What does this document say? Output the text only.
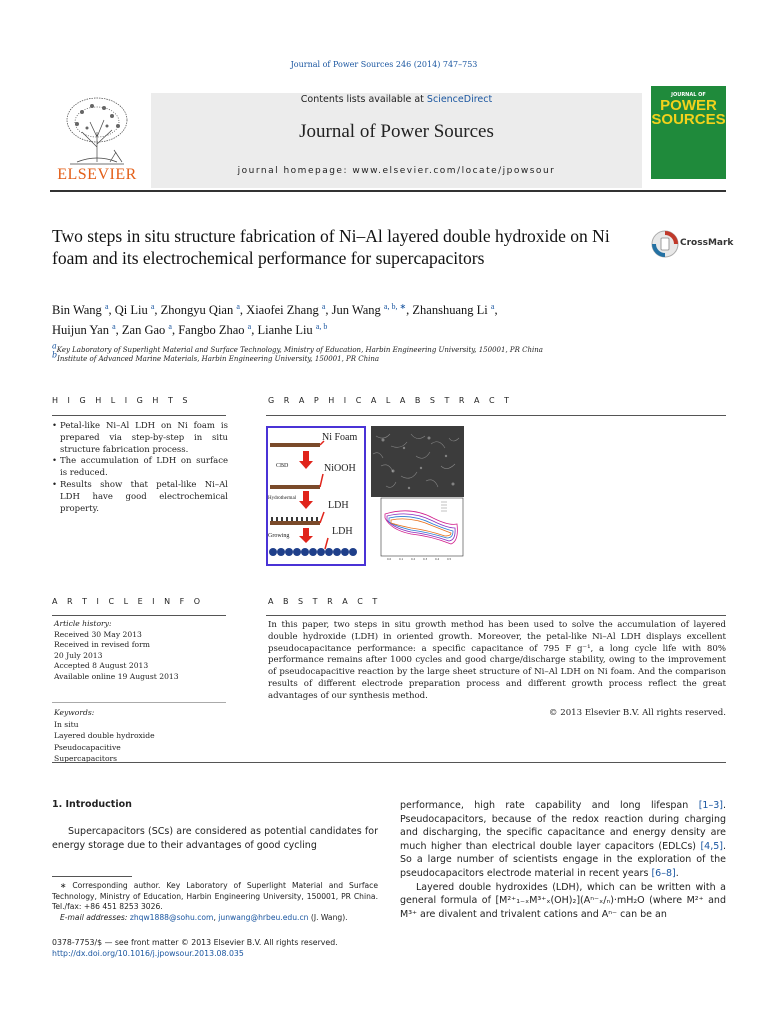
Journal of Power Sources 246 (2014) 747–753
Contents lists available at ScienceDirect
Journal of Power Sources
journal homepage: www.elsevier.com/locate/jpowsour
ELSEVIER
JOURNAL OF
POWER
SOURCES
Two steps in situ structure fabrication of Ni–Al layered double hydroxide on Ni foam and its electrochemical performance for supercapacitors
CrossMark
Bin Wang $^a$, Qi Liu $^a$, Zhongyu Qian $^a$, Xiaofei Zhang $^a$, Jun Wang $^{a, b, ∗}$, Zhanshuang Li $^a$,
Huijun Yan $^a$, Zan Gao $^a$, Fangbo Zhao $^a$, Lianhe Liu $^{a, b}$
$^a$Key Laboratory of Superlight Material and Surface Technology, Ministry of Education, Harbin Engineering University, 150001, PR China
$^b$Institute of Advanced Marine Materials, Harbin Engineering University, 150001, PR China
H I G H L I G H T S	G R A P H I C A L A B S T R A C T
• Petal-like Ni–Al LDH on Ni foam is prepared via step-by-step in situ structure fabrication process.
• The accumulation of LDH on surface is reduced.
• Results show that petal-like Ni–Al LDH have good electrochemical property.
Ni Foam
CBD	NiOOH
Hydrothermal
LDH
Growing	LDH
0.0	0.1	0.2	0.3	0.4	0.5
A R T I C L E I N F O	A B S T R A C T
Article history:
Received 30 May 2013
Received in revised form
20 July 2013
Accepted 8 August 2013
Available online 19 August 2013
Keywords:
In situ
Layered double hydroxide
Pseudocapacitive
Supercapacitors
In this paper, two steps in situ growth method has been used to solve the accumulation of layered double hydroxide (LDH) in oriented growth. Moreover, the petal-like Ni–Al LDH displays excellent pseudocapacitance performance: a specific capacitance of 795 F g⁻¹, a long cycle life with 80% performance remains after 1000 cycles and good charge/discharge stability, owing to the improvement of pseudocapacitive reaction by the large sheet structure of Ni–Al LDH on Ni foam. And the comparison results of different electrode preparation process and different growth process reflect the great advantages of our synthesis method.
© 2013 Elsevier B.V. All rights reserved.
1. Introduction
Supercapacitors (SCs) are considered as potential candidates for energy storage due to their advantages of good cycling
∗ Corresponding author. Key Laboratory of Superlight Material and Surface Technology, Ministry of Education, Harbin Engineering University, 150001, PR China. Tel./fax: +86 451 8253 3026.
E-mail addresses: zhqw1888@sohu.com, junwang@hrbeu.edu.cn (J. Wang).
0378-7753/$ — see front matter © 2013 Elsevier B.V. All rights reserved.
http://dx.doi.org/10.1016/j.jpowsour.2013.08.035
performance, high rate capability and long lifespan [1–3]. Pseudocapacitors, because of the redox reaction during charging and discharging, the specific capacitance and energy density are much higher than electrical double layer capacitors (EDLCs) [4,5]. So a large number of scientists engage in the exploration of the pseudocapacitors electrode material in recent years [6–8].
Layered double hydroxides (LDH), which can be written with a general formula of [M²⁺₁₋ₓM³⁺ₓ(OH)₂](Aⁿ⁻ₓ/ₙ)·mH₂O (where M²⁺ and M³⁺ are divalent and trivalent cations and Aⁿ⁻ can be an
